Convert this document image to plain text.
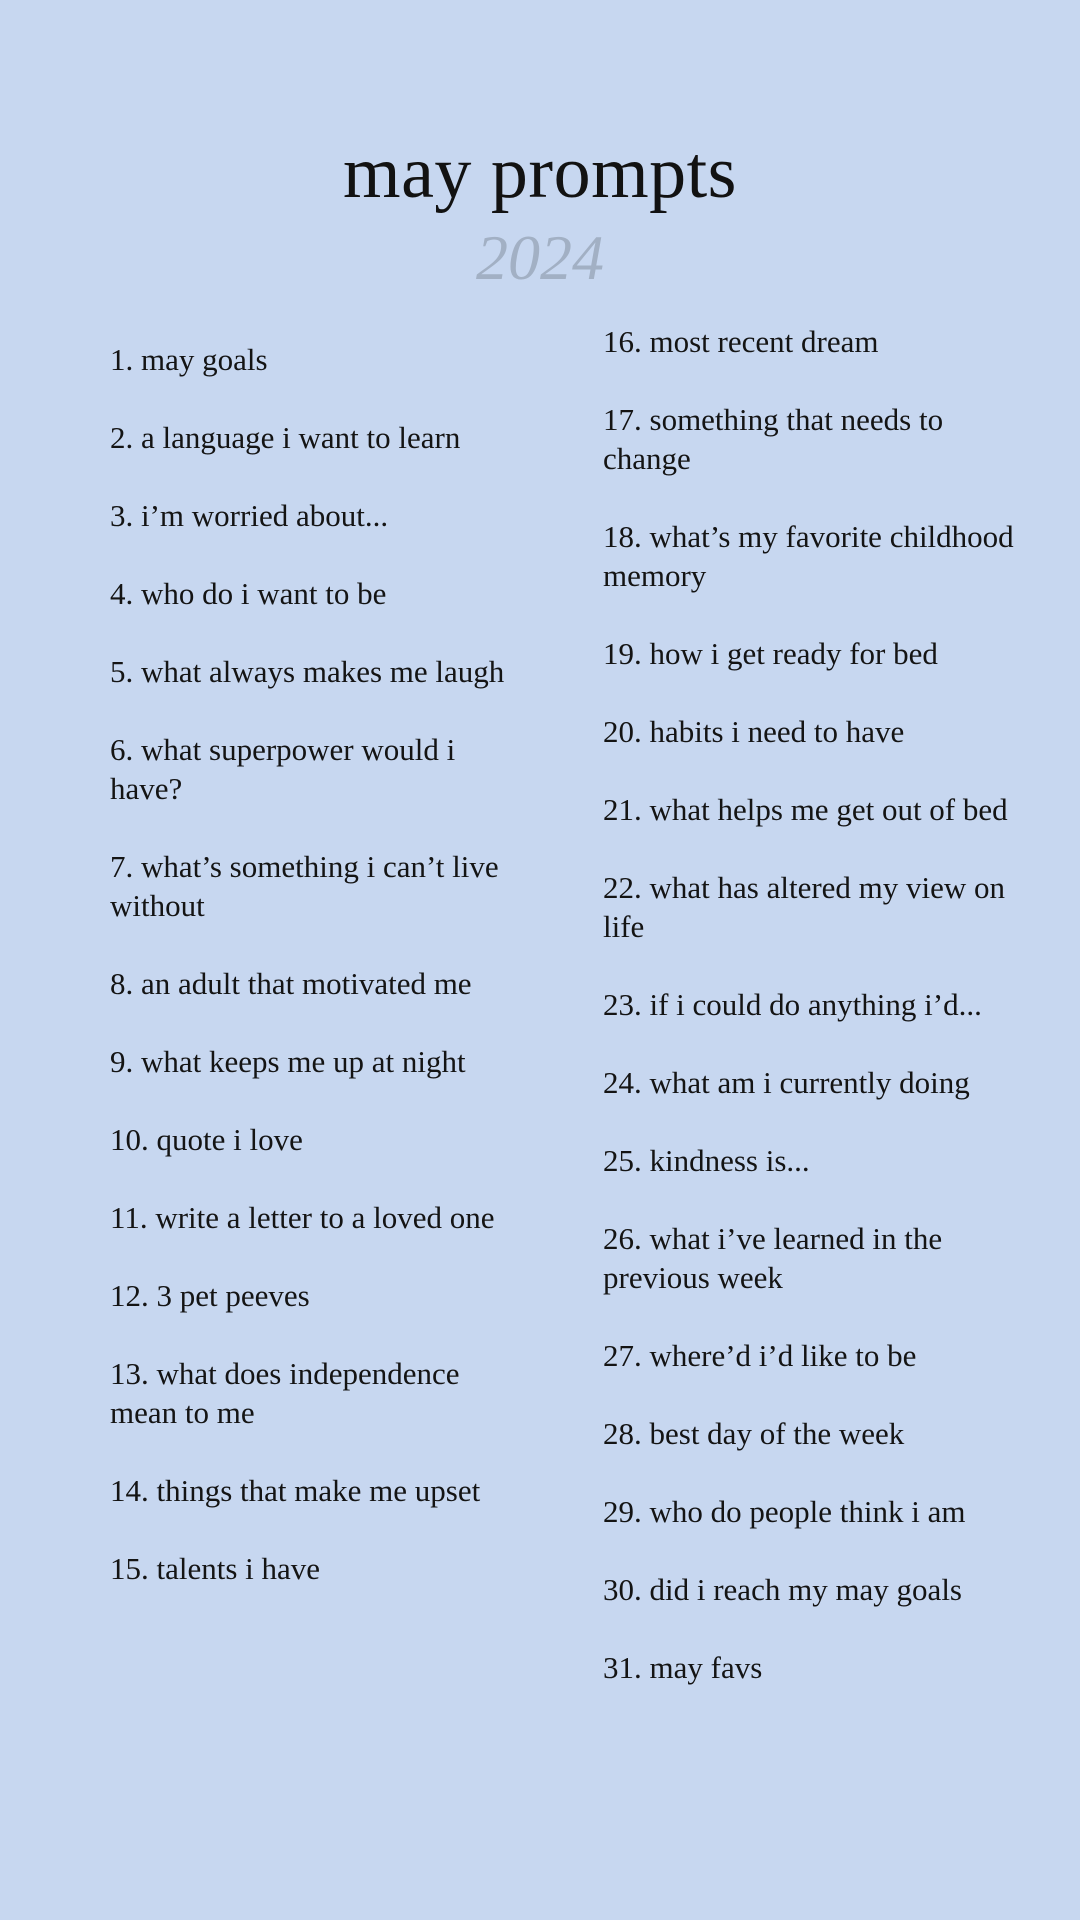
may prompts
2024
1. may goals
2. a language i want to learn
3. i’m worried about...
4. who do i want to be
5. what always makes me laugh
6. what superpower would i have?
7. what’s something i can’t live without
8. an adult that motivated me
9. what keeps me up at night
10. quote i love
11. write a letter to a loved one
12. 3 pet peeves
13. what does independence mean to me
14. things that make me upset
15. talents i have
16. most recent dream
17. something that needs to change
18. what’s my favorite childhood memory
19. how i get ready for bed
20. habits i need to have
21. what helps me get out of bed
22. what has altered my view on life
23. if i could do anything i’d...
24. what am i currently doing
25. kindness is...
26. what i’ve learned in the previous week
27. where’d i’d like to be
28. best day of the week
29. who do people think i am
30. did i reach my may goals
31. may favs
